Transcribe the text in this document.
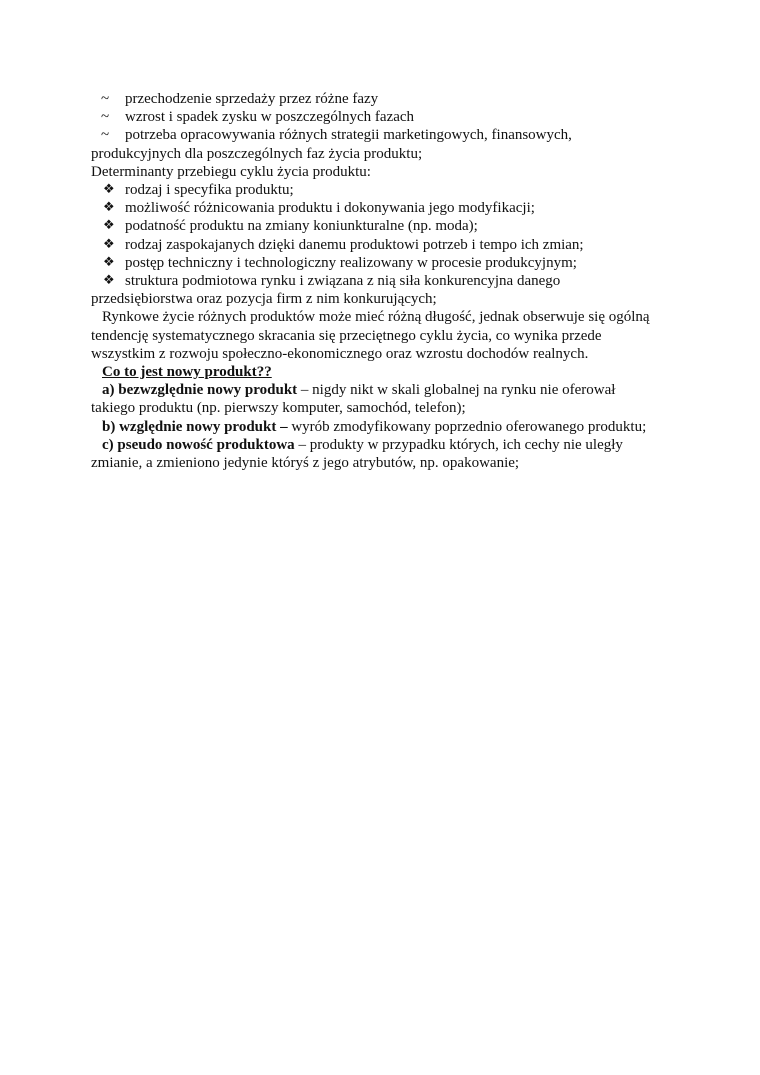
~	przechodzenie sprzedaży przez różne fazy
~	wzrost i spadek zysku w poszczególnych fazach
~	potrzeba opracowywania różnych strategii marketingowych, finansowych,
produkcyjnych dla poszczególnych faz życia produktu;
Determinanty przebiegu cyklu życia produktu:
❖ rodzaj i specyfika produktu;
❖ możliwość różnicowania produktu i dokonywania jego modyfikacji;
❖ podatność produktu na zmiany koniunkturalne (np. moda);
❖ rodzaj zaspokajanych dzięki danemu produktowi potrzeb i tempo ich zmian;
❖ postęp techniczny i technologiczny realizowany w procesie produkcyjnym;
❖ struktura podmiotowa rynku i związana z nią siła konkurencyjna danego
przedsiębiorstwa oraz pozycja firm z nim konkurujących;
Rynkowe życie różnych produktów może mieć różną długość, jednak obserwuje się ogólną
tendencję systematycznego skracania się przeciętnego cyklu życia, co wynika przede
wszystkim z rozwoju społeczno-ekonomicznego oraz wzrostu dochodów realnych.
Co to jest nowy produkt??
a) bezwzględnie nowy produkt – nigdy nikt w skali globalnej na rynku nie oferował
takiego produktu (np. pierwszy komputer, samochód, telefon);
b) względnie nowy produkt – wyrób zmodyfikowany poprzednio oferowanego produktu;
c) pseudo nowość produktowa – produkty w przypadku których, ich cechy nie uległy
zmianie, a zmieniono jedynie któryś z jego atrybutów, np. opakowanie;
